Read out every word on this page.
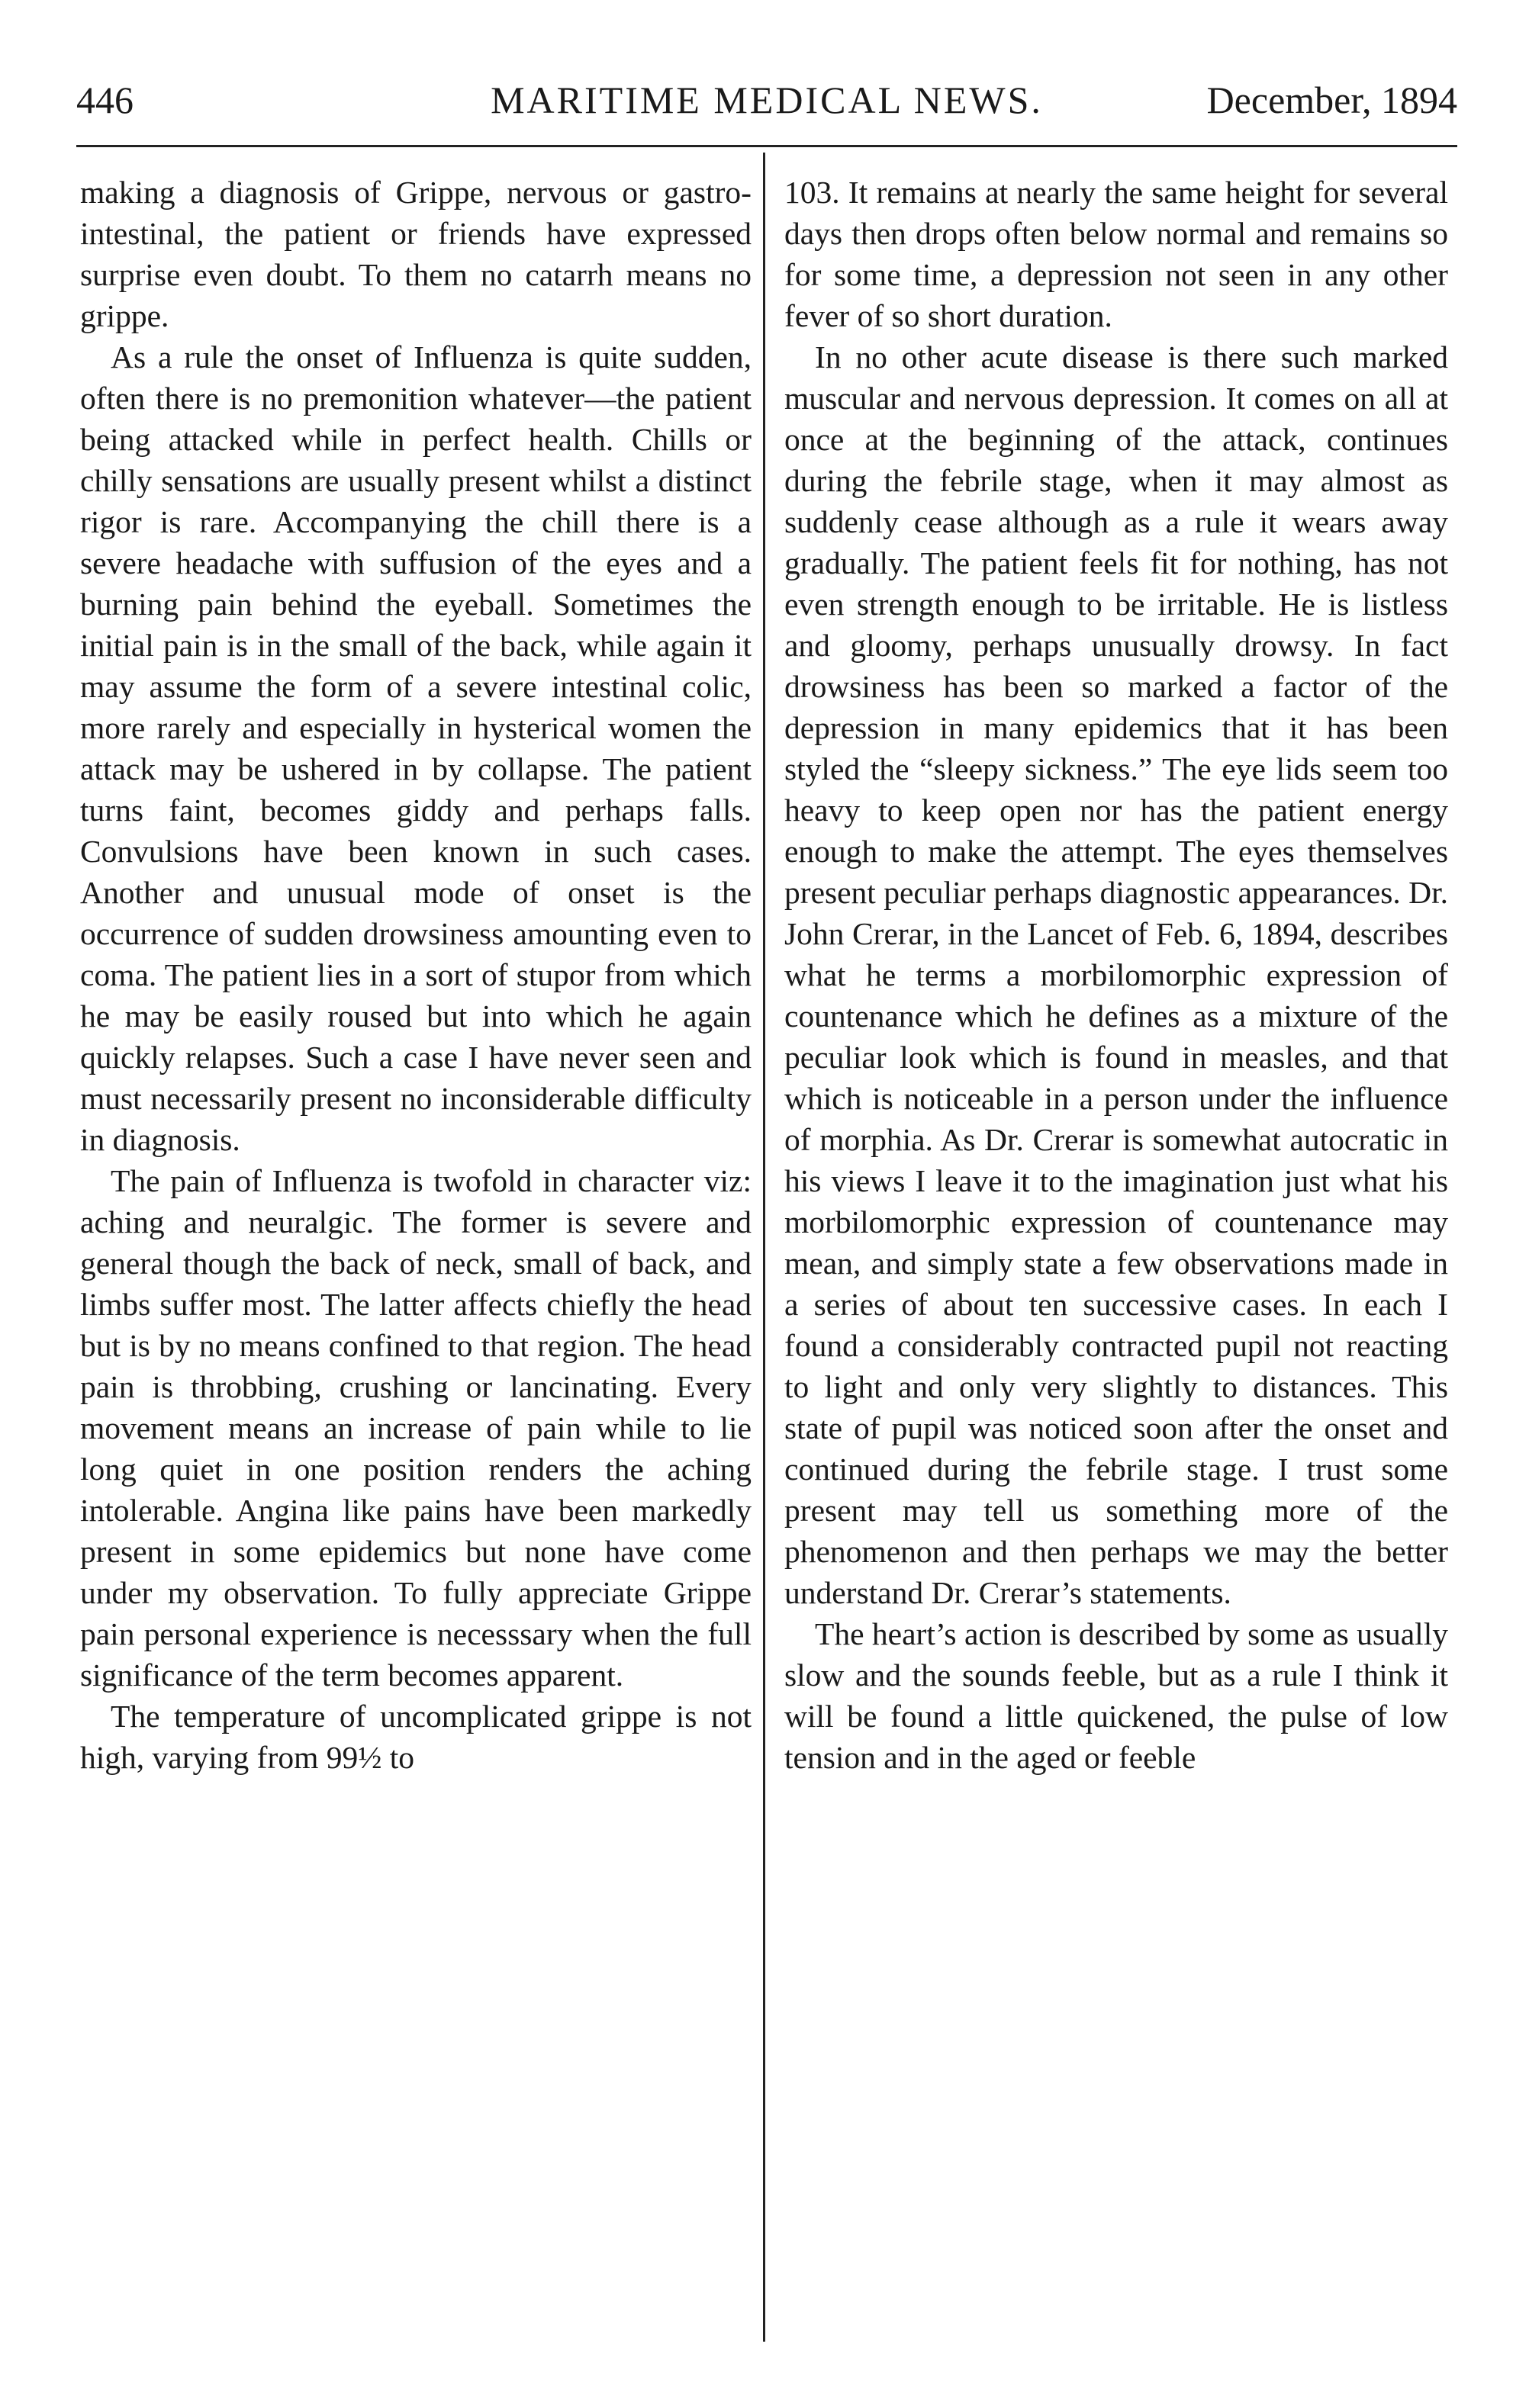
446	MARITIME MEDICAL NEWS.	December, 1894

making a diagnosis of Grippe, nervous or gastro-intestinal, the patient or friends have expressed surprise even doubt. To them no catarrh means no grippe.

As a rule the onset of Influenza is quite sudden, often there is no premonition whatever—the patient being attacked while in perfect health. Chills or chilly sensations are usually present whilst a distinct rigor is rare. Accompanying the chill there is a severe headache with suffusion of the eyes and a burning pain behind the eyeball. Sometimes the initial pain is in the small of the back, while again it may assume the form of a severe intestinal colic, more rarely and especially in hysterical women the attack may be ushered in by collapse. The patient turns faint, becomes giddy and perhaps falls. Convulsions have been known in such cases. Another and unusual mode of onset is the occurrence of sudden drowsiness amounting even to coma. The patient lies in a sort of stupor from which he may be easily roused but into which he again quickly relapses. Such a case I have never seen and must necessarily present no inconsiderable difficulty in diagnosis.

The pain of Influenza is twofold in character viz: aching and neuralgic. The former is severe and general though the back of neck, small of back, and limbs suffer most. The latter affects chiefly the head but is by no means confined to that region. The head pain is throbbing, crushing or lancinating. Every movement means an increase of pain while to lie long quiet in one position renders the aching intolerable. Angina like pains have been markedly present in some epidemics but none have come under my observation. To fully appreciate Grippe pain personal experience is necesssary when the full significance of the term becomes apparent.

The temperature of uncomplicated grippe is not high, varying from 99½ to

103. It remains at nearly the same height for several days then drops often below normal and remains so for some time, a depression not seen in any other fever of so short duration.

In no other acute disease is there such marked muscular and nervous depression. It comes on all at once at the beginning of the attack, continues during the febrile stage, when it may almost as suddenly cease although as a rule it wears away gradually. The patient feels fit for nothing, has not even strength enough to be irritable. He is listless and gloomy, perhaps unusually drowsy. In fact drowsiness has been so marked a factor of the depression in many epidemics that it has been styled the “sleepy sickness.” The eye lids seem too heavy to keep open nor has the patient energy enough to make the attempt. The eyes themselves present peculiar perhaps diagnostic appearances. Dr. John Crerar, in the Lancet of Feb. 6, 1894, describes what he terms a morbilomorphic expression of countenance which he defines as a mixture of the peculiar look which is found in measles, and that which is noticeable in a person under the influence of morphia. As Dr. Crerar is somewhat autocratic in his views I leave it to the imagination just what his morbilomorphic expression of countenance may mean, and simply state a few observations made in a series of about ten successive cases. In each I found a considerably contracted pupil not reacting to light and only very slightly to distances. This state of pupil was noticed soon after the onset and continued during the febrile stage. I trust some present may tell us something more of the phenomenon and then perhaps we may the better understand Dr. Crerar’s statements.

The heart’s action is described by some as usually slow and the sounds feeble, but as a rule I think it will be found a little quickened, the pulse of low tension and in the aged or feeble
